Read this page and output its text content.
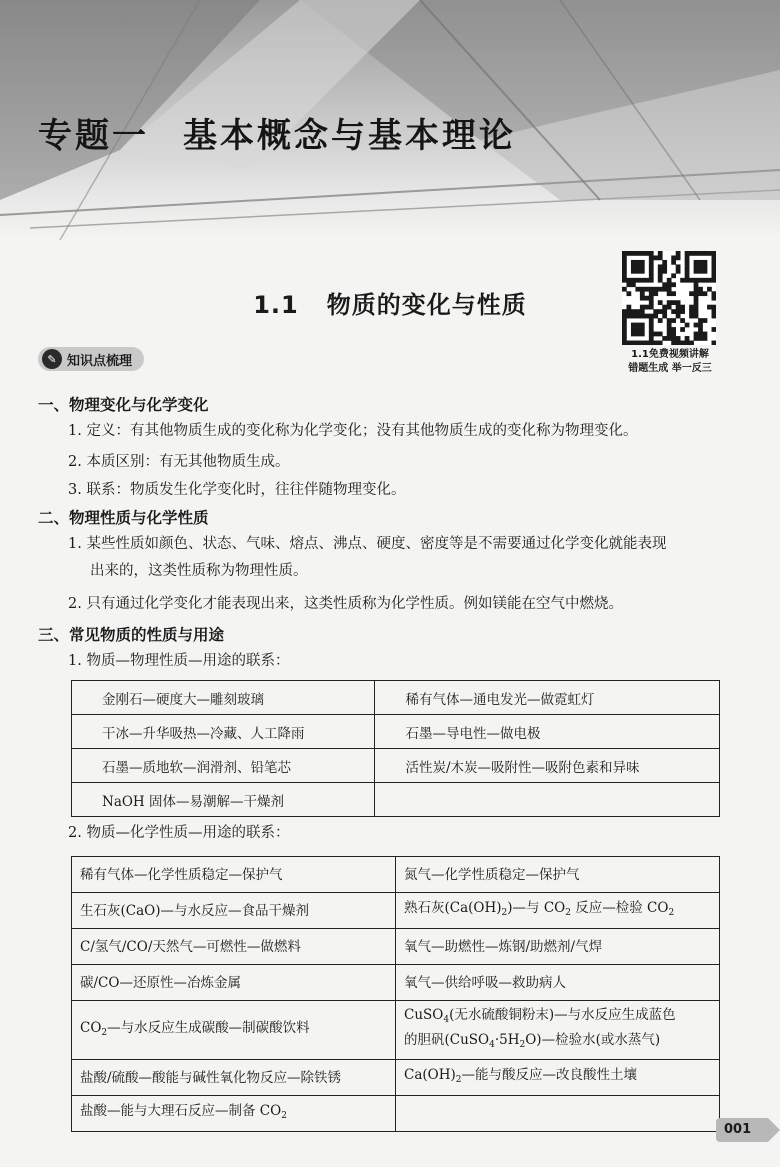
专题一 基本概念与基本理论
1.1 物质的变化与性质
1.1免费视频讲解
错题生成 举一反三
✎ 知识点梳理
一、物理变化与化学变化

1. 定义：有其他物质生成的变化称为化学变化；没有其他物质生成的变化称为物理变化。

2. 本质区别：有无其他物质生成。

3. 联系：物质发生化学变化时，往往伴随物理变化。

二、物理性质与化学性质

1. 某些性质如颜色、状态、气味、熔点、沸点、硬度、密度等是不需要通过化学变化就能表现
出来的，这类性质称为物理性质。

2. 只有通过化学变化才能表现出来，这类性质称为化学性质。例如镁能在空气中燃烧。

三、常见物质的性质与用途

1. 物质—物理性质—用途的联系：

金刚石—硬度大—雕刻玻璃	稀有气体—通电发光—做霓虹灯
干冰—升华吸热—冷藏、人工降雨	石墨—导电性—做电极
石墨—质地软—润滑剂、铅笔芯	活性炭/木炭—吸附性—吸附色素和异味
NaOH 固体—易潮解—干燥剂	

2. 物质—化学性质—用途的联系：

稀有气体—化学性质稳定—保护气	氮气—化学性质稳定—保护气
生石灰(CaO)—与水反应—食品干燥剂	熟石灰$(Ca(OH)_2)—$与 $CO_2$ 反应—检验 $CO_2$
C/氢气/CO/天然气—可燃性—做燃料	氧气—助燃性—炼钢/助燃剂/气焊
碳/CO—还原性—冶炼金属	氧气—供给呼吸—救助病人
$CO_2—$与水反应生成碳酸—制碳酸饮料	CuSO$_4$(无水硫酸铜粉末)—与水反应生成蓝色
的胆矾$(CuSO_4\cdot 5H_2O)—$检验水(或水蒸气)
盐酸/硫酸—酸能与碱性氧化物反应—除铁锈	$Ca(OH)_2—$能与酸反应—改良酸性土壤
盐酸—能与大理石反应—制备 $CO_2$	
001
